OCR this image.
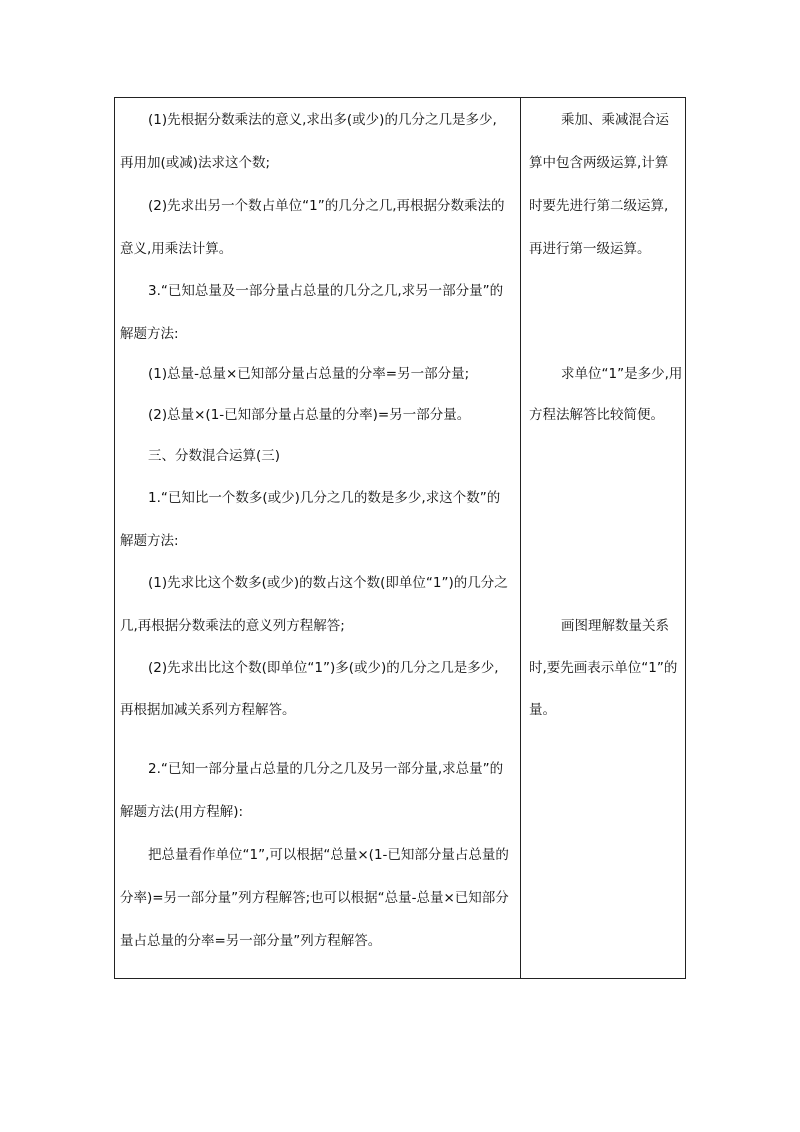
(1)先根据分数乘法的意义,求出多(或少)的几分之几是多少,
再用加(或减)法求这个数;
(2)先求出另一个数占单位“1”的几分之几,再根据分数乘法的
意义,用乘法计算。
3.“已知总量及一部分量占总量的几分之几,求另一部分量”的
解题方法:
(1)总量-总量×已知部分量占总量的分率=另一部分量;
(2)总量×(1-已知部分量占总量的分率)=另一部分量。
三、分数混合运算(三)
1.“已知比一个数多(或少)几分之几的数是多少,求这个数”的
解题方法:
(1)先求比这个数多(或少)的数占这个数(即单位“1”)的几分之
几,再根据分数乘法的意义列方程解答;
(2)先求出比这个数(即单位“1”)多(或少)的几分之几是多少,
再根据加减关系列方程解答。
2.“已知一部分量占总量的几分之几及另一部分量,求总量”的
解题方法(用方程解):
把总量看作单位“1”,可以根据“总量×(1-已知部分量占总量的
分率)=另一部分量”列方程解答;也可以根据“总量-总量×已知部分
量占总量的分率=另一部分量”列方程解答。
乘加、乘减混合运
算中包含两级运算,计算
时要先进行第二级运算,
再进行第一级运算。
求单位“1”是多少,用
方程法解答比较简便。
画图理解数量关系
时,要先画表示单位“1”的
量。
